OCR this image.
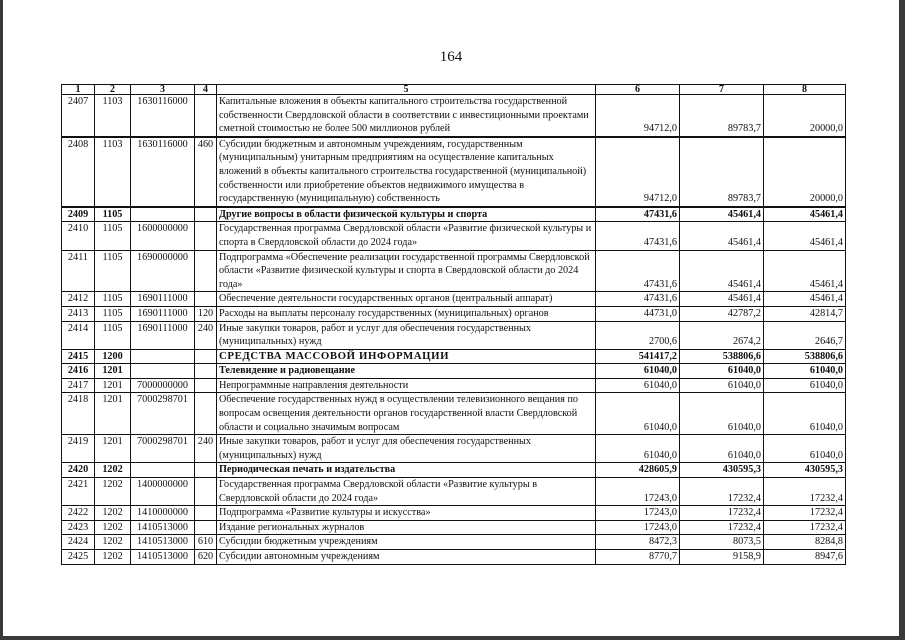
164
1	2	3	4	5	6	7	8
2407	1103	1630116000		Капитальные вложения в объекты капитального строительства государственной собственности Свердловской области в соответствии с инвестиционными проектами сметной стоимостью не более 500 миллионов рублей	94712,0	89783,7	20000,0
2408	1103	1630116000	460	Субсидии бюджетным и автономным учреждениям, государственным (муниципальным) унитарным предприятиям на осуществление капитальных вложений в объекты капитального строительства государственной (муниципальной) собственности или приобретение объектов недвижимого имущества в государственную (муниципальную) собственность	94712,0	89783,7	20000,0
2409	1105			Другие вопросы в области физической культуры и спорта	47431,6	45461,4	45461,4
2410	1105	1600000000		Государственная программа Свердловской области «Развитие физической культуры и спорта в Свердловской области до 2024 года»	47431,6	45461,4	45461,4
2411	1105	1690000000		Подпрограмма «Обеспечение реализации государственной программы Свердловской области «Развитие физической культуры и спорта в Свердловской области до 2024 года»	47431,6	45461,4	45461,4
2412	1105	1690111000		Обеспечение деятельности государственных органов (центральный аппарат)	47431,6	45461,4	45461,4
2413	1105	1690111000	120	Расходы на выплаты персоналу государственных (муниципальных) органов	44731,0	42787,2	42814,7
2414	1105	1690111000	240	Иные закупки товаров, работ и услуг для обеспечения государственных (муниципальных) нужд	2700,6	2674,2	2646,7
2415	1200			СРЕДСТВА МАССОВОЙ ИНФОРМАЦИИ	541417,2	538806,6	538806,6
2416	1201			Телевидение и радиовещание	61040,0	61040,0	61040,0
2417	1201	7000000000		Непрограммные направления деятельности	61040,0	61040,0	61040,0
2418	1201	7000298701		Обеспечение государственных нужд в осуществлении телевизионного вещания по вопросам освещения деятельности органов государственной власти Свердловской области и социально значимым вопросам	61040,0	61040,0	61040,0
2419	1201	7000298701	240	Иные закупки товаров, работ и услуг для обеспечения государственных (муниципальных) нужд	61040,0	61040,0	61040,0
2420	1202			Периодическая печать и издательства	428605,9	430595,3	430595,3
2421	1202	1400000000		Государственная программа Свердловской области «Развитие культуры в Свердловской области до 2024 года»	17243,0	17232,4	17232,4
2422	1202	1410000000		Подпрограмма «Развитие культуры и искусства»	17243,0	17232,4	17232,4
2423	1202	1410513000		Издание региональных журналов	17243,0	17232,4	17232,4
2424	1202	1410513000	610	Субсидии бюджетным учреждениям	8472,3	8073,5	8284,8
2425	1202	1410513000	620	Субсидии автономным учреждениям	8770,7	9158,9	8947,6
